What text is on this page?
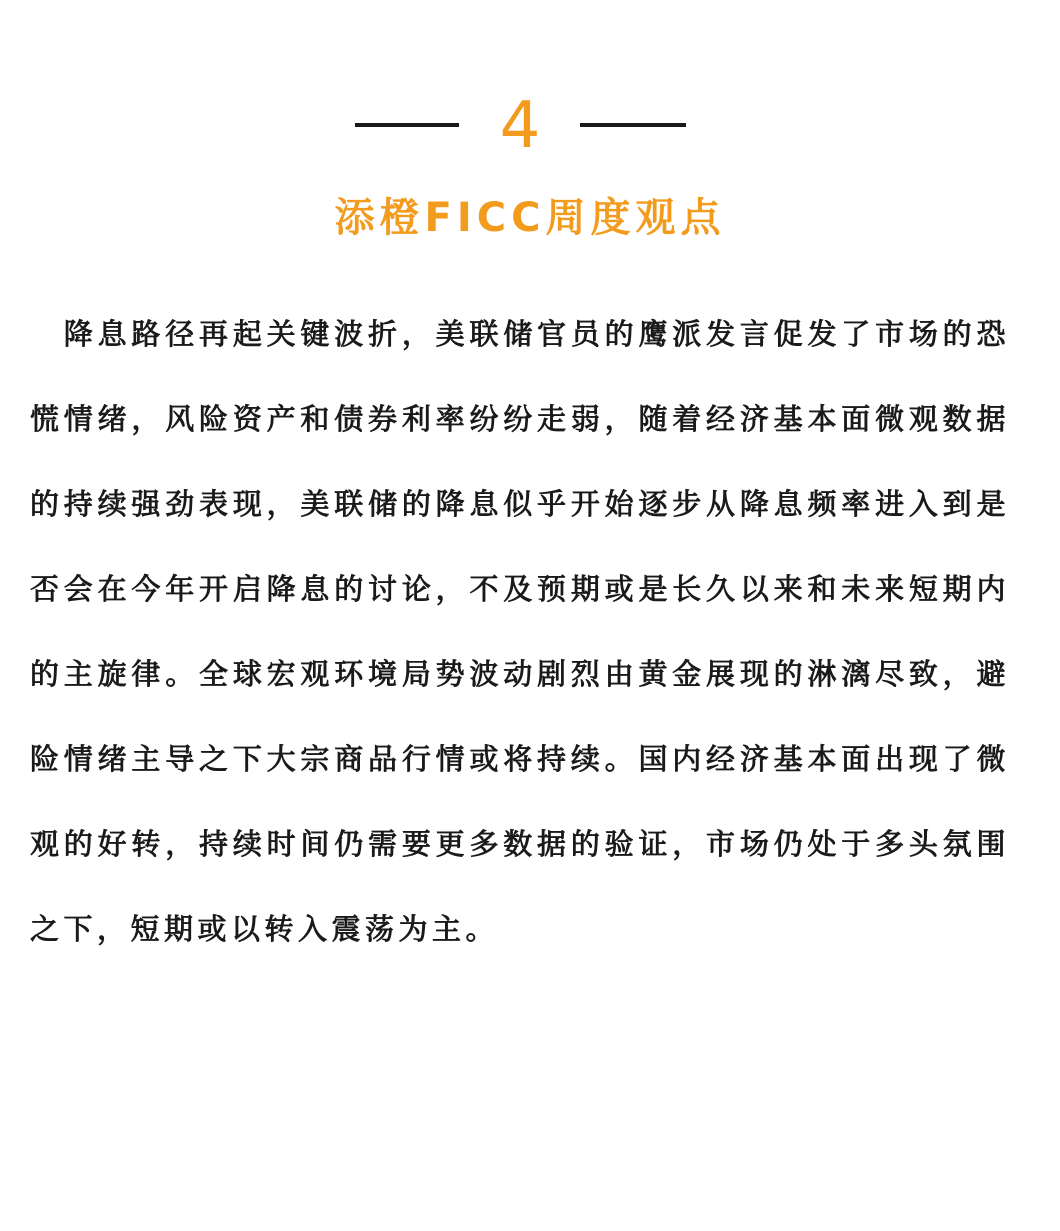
4
添橙FICC周度观点

　降息路径再起关键波折，美联储官员的鹰派发言促发了市场的恐慌情绪，风险资产和债券利率纷纷走弱，随着经济基本面微观数据的持续强劲表现，美联储的降息似乎开始逐步从降息频率进入到是否会在今年开启降息的讨论，不及预期或是长久以来和未来短期内的主旋律。全球宏观环境局势波动剧烈由黄金展现的淋漓尽致，避险情绪主导之下大宗商品行情或将持续。国内经济基本面出现了微观的好转，持续时间仍需要更多数据的验证，市场仍处于多头氛围之下，短期或以转入震荡为主。
